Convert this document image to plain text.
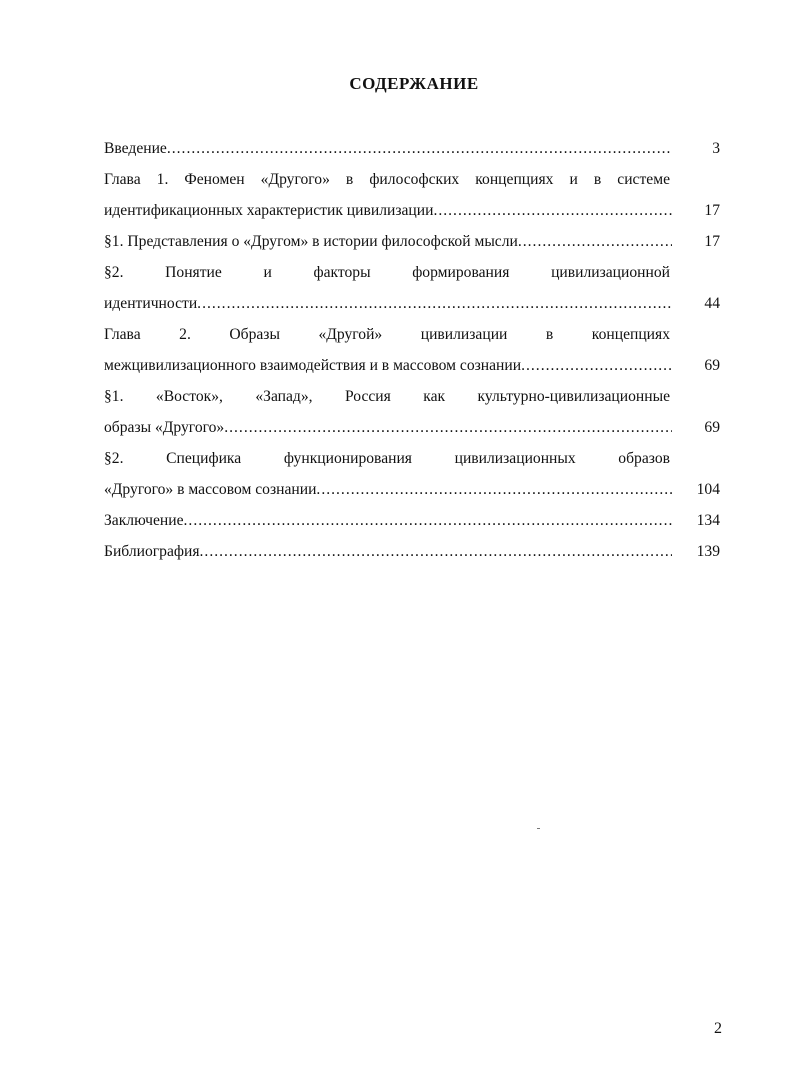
СОДЕРЖАНИЕ
Введение .....	3
Глава 1. Феномен «Другого» в философских концепциях и в системе
идентификационных характеристик цивилизации .....	17
§1. Представления о «Другом» в истории философской мысли .....	17
§2. Понятие и факторы формирования цивилизационной
идентичности .....	44
Глава 2. Образы «Другой» цивилизации в концепциях
межцивилизационного взаимодействия и в массовом сознании .....	69
§1. «Восток», «Запад», Россия как культурно-цивилизационные
образы «Другого» .....	69
§2. Специфика функционирования цивилизационных образов
«Другого» в массовом сознании .....	104
Заключение .....	134
Библиография .....	139
2
